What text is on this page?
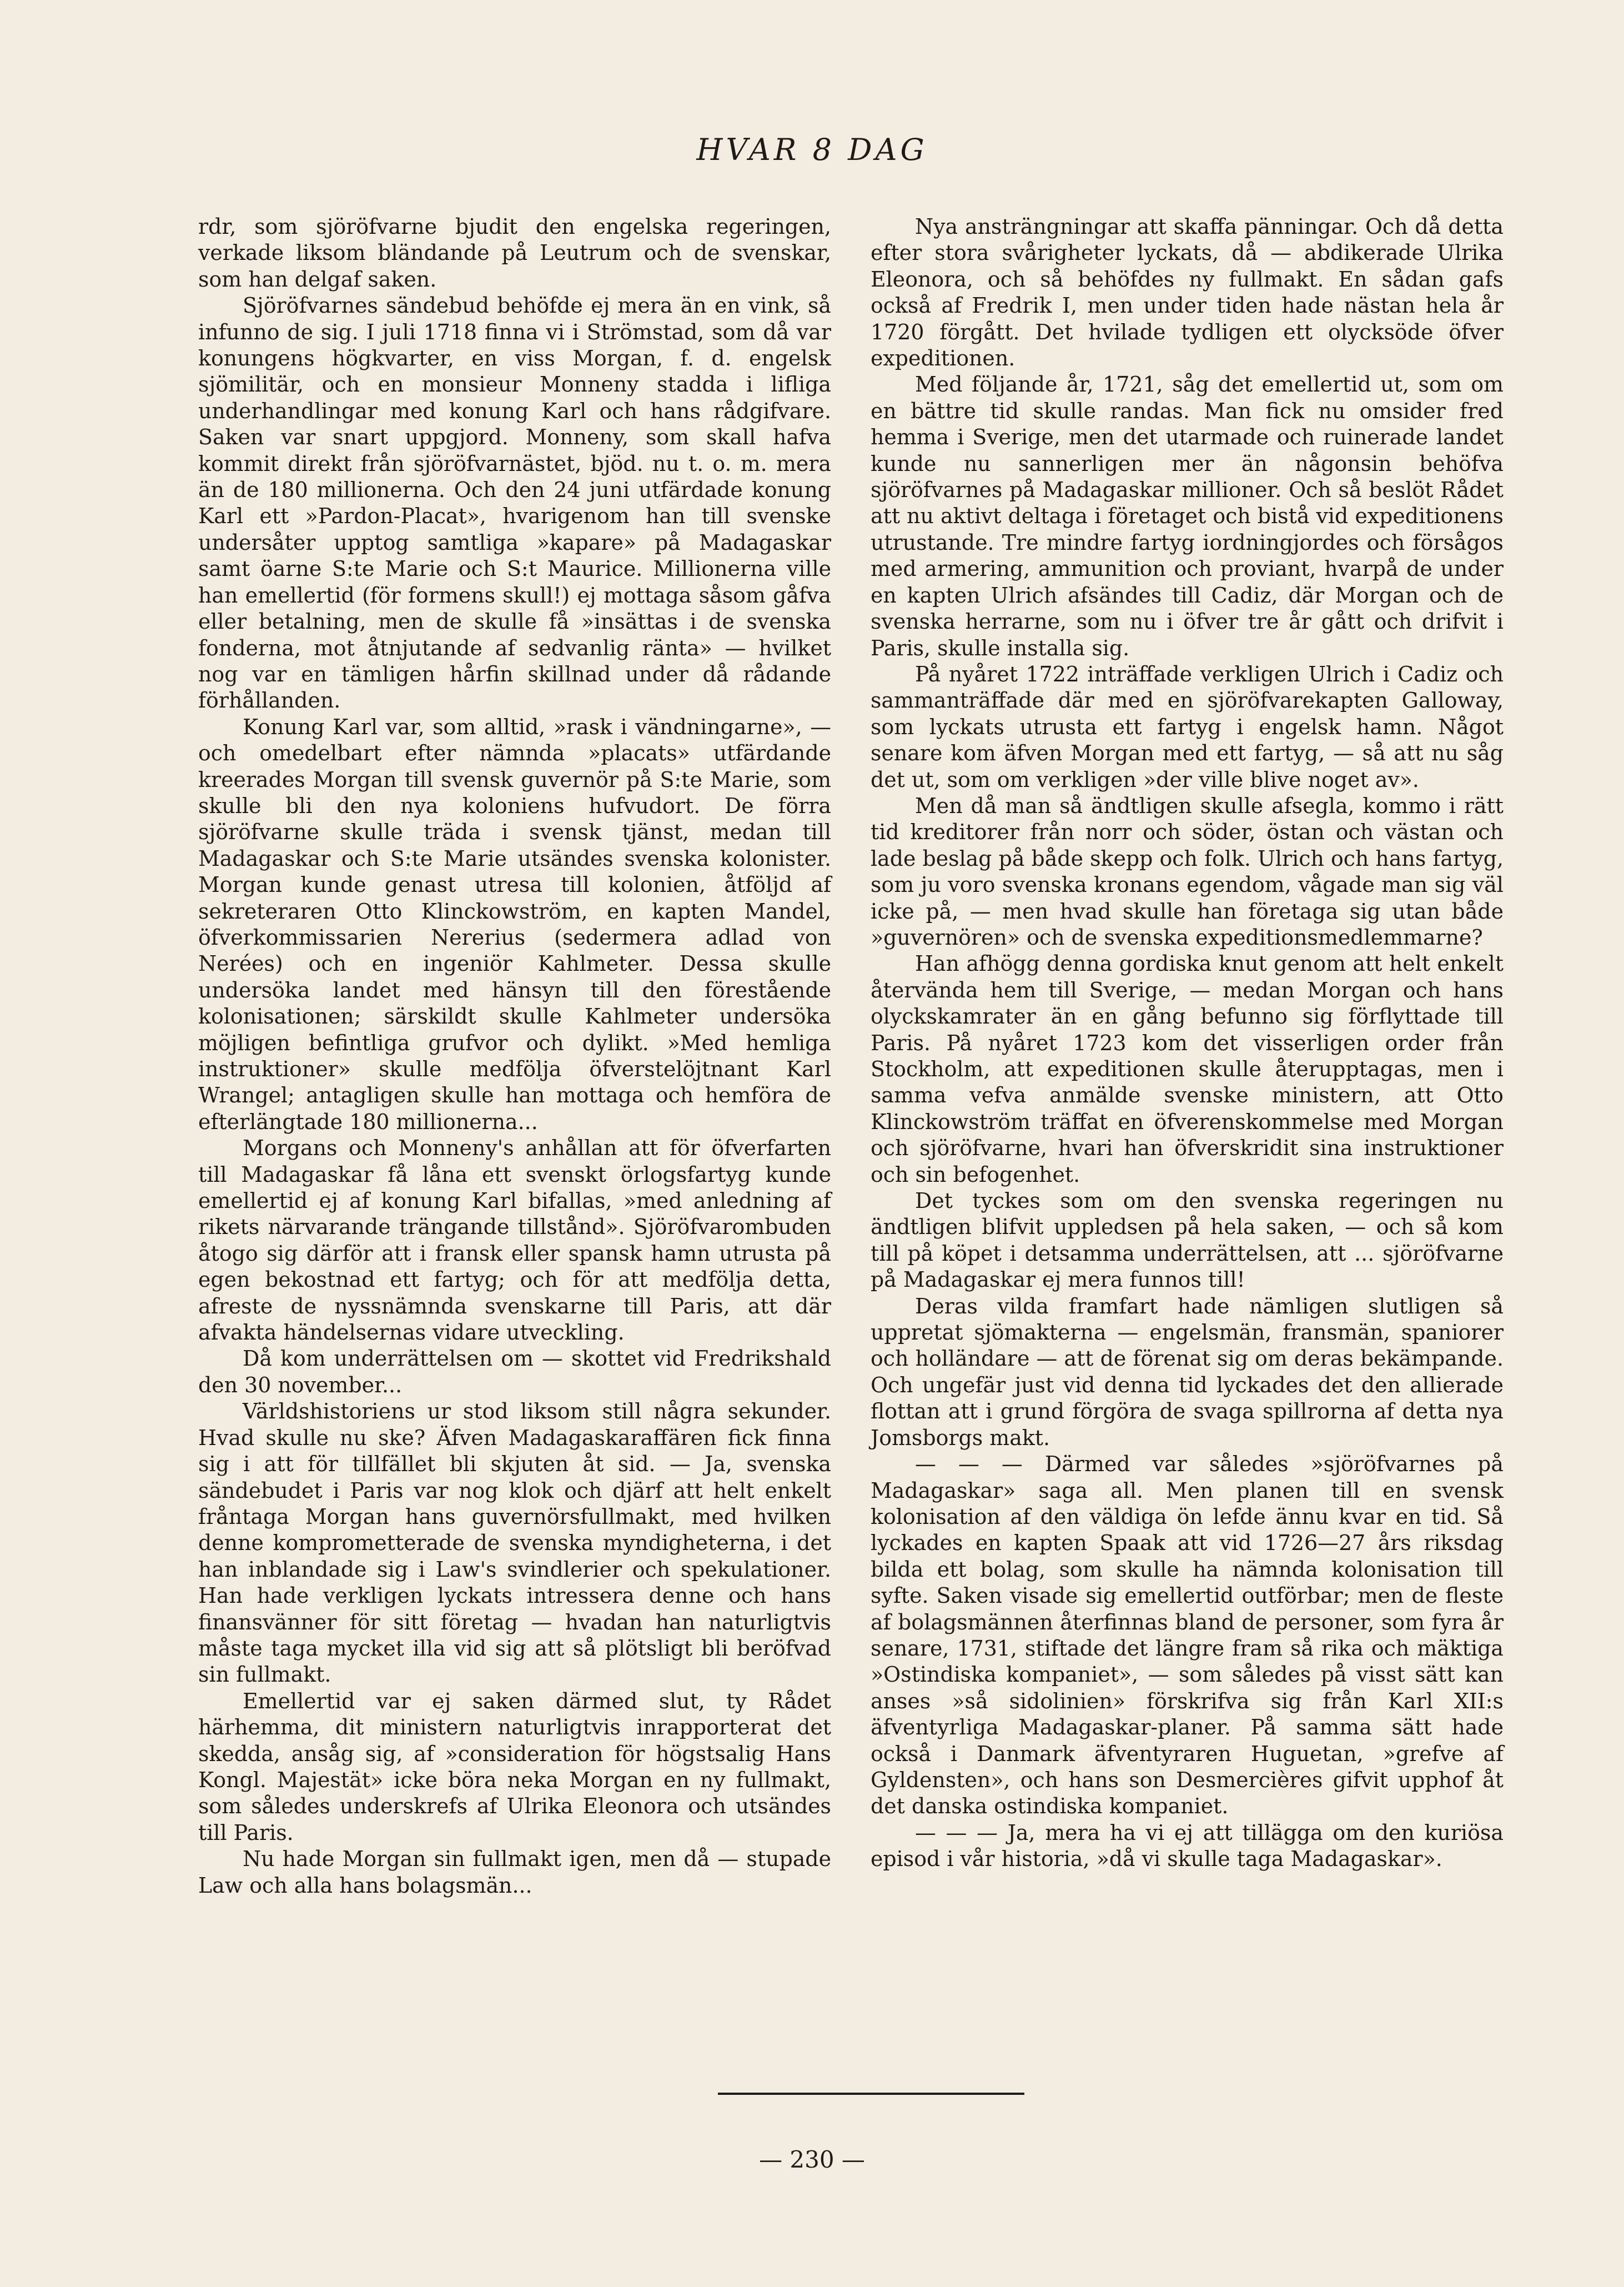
HVAR 8 DAG

rdr, som sjöröfvarne bjudit den engelska regeringen, verkade liksom bländande på Leutrum och de svenskar, som han delgaf saken.

Sjöröfvarnes sändebud behöfde ej mera än en vink, så infunno de sig. I juli 1718 finna vi i Strömstad, som då var konungens högkvarter, en viss Morgan, f. d. engelsk sjömilitär, och en monsieur Monneny stadda i lifliga underhandlingar med konung Karl och hans rådgifvare. Saken var snart uppgjord. Monneny, som skall hafva kommit direkt från sjöröfvarnästet, bjöd. nu t. o. m. mera än de 180 millionerna. Och den 24 juni utfärdade konung Karl ett »Pardon-Placat», hvarigenom han till svenske undersåter upptog samtliga »kapare» på Madagaskar samt öarne S:te Marie och S:t Maurice. Millionerna ville han emellertid (för formens skull!) ej mottaga såsom gåfva eller betalning, men de skulle få »insättas i de svenska fonderna, mot åtnjutande af sedvanlig ränta» — hvilket nog var en tämligen hårfin skillnad under då rådande förhållanden.

Konung Karl var, som alltid, »rask i vändningarne», — och omedelbart efter nämnda »placats» utfärdande kreerades Morgan till svensk guvernör på S:te Marie, som skulle bli den nya koloniens hufvudort. De förra sjöröfvarne skulle träda i svensk tjänst, medan till Madagaskar och S:te Marie utsändes svenska kolonister. Morgan kunde genast utresa till kolonien, åtföljd af sekreteraren Otto Klinckowström, en kapten Mandel, öfverkommissarien Nererius (sedermera adlad von Nerées) och en ingeniör Kahlmeter. Dessa skulle undersöka landet med hänsyn till den förestående kolonisationen; särskildt skulle Kahlmeter undersöka möjligen befintliga grufvor och dylikt. »Med hemliga instruktioner» skulle medfölja öfverstelöjtnant Karl Wrangel; antagligen skulle han mottaga och hemföra de efterlängtade 180 millionerna...

Morgans och Monneny's anhållan att för öfverfarten till Madagaskar få låna ett svenskt örlogsfartyg kunde emellertid ej af konung Karl bifallas, »med anledning af rikets närvarande trängande tillstånd». Sjöröfvarombuden åtogo sig därför att i fransk eller spansk hamn utrusta på egen bekostnad ett fartyg; och för att medfölja detta, afreste de nyssnämnda svenskarne till Paris, att där afvakta händelsernas vidare utveckling.

Då kom underrättelsen om — skottet vid Fredrikshald den 30 november...

Världshistoriens ur stod liksom still några sekunder. Hvad skulle nu ske? Äfven Madagaskaraffären fick finna sig i att för tillfället bli skjuten åt sid. — Ja, svenska sändebudet i Paris var nog klok och djärf att helt enkelt fråntaga Morgan hans guvernörsfullmakt, med hvilken denne komprometterade de svenska myndigheterna, i det han inblandade sig i Law's svindlerier och spekulationer. Han hade verkligen lyckats intressera denne och hans finansvänner för sitt företag — hvadan han naturligtvis måste taga mycket illa vid sig att så plötsligt bli beröfvad sin fullmakt.

Emellertid var ej saken därmed slut, ty Rådet härhemma, dit ministern naturligtvis inrapporterat det skedda, ansåg sig, af »consideration för högstsalig Hans Kongl. Majestät» icke böra neka Morgan en ny fullmakt, som således underskrefs af Ulrika Eleonora och utsändes till Paris.

Nu hade Morgan sin fullmakt igen, men då — stupade Law och alla hans bolagsmän...

Nya ansträngningar att skaffa pänningar. Och då detta efter stora svårigheter lyckats, då — abdikerade Ulrika Eleonora, och så behöfdes ny fullmakt. En sådan gafs också af Fredrik I, men under tiden hade nästan hela år 1720 förgått. Det hvilade tydligen ett olycksöde öfver expeditionen.

Med följande år, 1721, såg det emellertid ut, som om en bättre tid skulle randas. Man fick nu omsider fred hemma i Sverige, men det utarmade och ruinerade landet kunde nu sannerligen mer än någonsin behöfva sjöröfvarnes på Madagaskar millioner. Och så beslöt Rådet att nu aktivt deltaga i företaget och bistå vid expeditionens utrustande. Tre mindre fartyg iordningjordes och försågos med armering, ammunition och proviant, hvarpå de under en kapten Ulrich afsändes till Cadiz, där Morgan och de svenska herrarne, som nu i öfver tre år gått och drifvit i Paris, skulle installa sig.

På nyåret 1722 inträffade verkligen Ulrich i Cadiz och sammanträffade där med en sjöröfvarekapten Galloway, som lyckats utrusta ett fartyg i engelsk hamn. Något senare kom äfven Morgan med ett fartyg, — så att nu såg det ut, som om verkligen »der ville blive noget av».

Men då man så ändtligen skulle afsegla, kommo i rätt tid kreditorer från norr och söder, östan och västan och lade beslag på både skepp och folk. Ulrich och hans fartyg, som ju voro svenska kronans egendom, vågade man sig väl icke på, — men hvad skulle han företaga sig utan både »guvernören» och de svenska expeditionsmedlemmarne?

Han afhögg denna gordiska knut genom att helt enkelt återvända hem till Sverige, — medan Morgan och hans olyckskamrater än en gång befunno sig förflyttade till Paris. På nyåret 1723 kom det visserligen order från Stockholm, att expeditionen skulle återupptagas, men i samma vefva anmälde svenske ministern, att Otto Klinckowström träffat en öfverenskommelse med Morgan och sjöröfvarne, hvari han öfverskridit sina instruktioner och sin befogenhet.

Det tyckes som om den svenska regeringen nu ändtligen blifvit uppledsen på hela saken, — och så kom till på köpet i detsamma underrättelsen, att ... sjöröfvarne på Madagaskar ej mera funnos till!

Deras vilda framfart hade nämligen slutligen så uppretat sjömakterna — engelsmän, fransmän, spaniorer och holländare — att de förenat sig om deras bekämpande. Och ungefär just vid denna tid lyckades det den allierade flottan att i grund förgöra de svaga spillrorna af detta nya Jomsborgs makt.

— — — Därmed var således »sjöröfvarnes på Madagaskar» saga all. Men planen till en svensk kolonisation af den väldiga ön lefde ännu kvar en tid. Så lyckades en kapten Spaak att vid 1726—27 års riksdag bilda ett bolag, som skulle ha nämnda kolonisation till syfte. Saken visade sig emellertid outförbar; men de fleste af bolagsmännen återfinnas bland de personer, som fyra år senare, 1731, stiftade det längre fram så rika och mäktiga »Ostindiska kompaniet», — som således på visst sätt kan anses »så sidolinien» förskrifva sig från Karl XII:s äfventyrliga Madagaskar-planer. På samma sätt hade också i Danmark äfventyraren Huguetan, »grefve af Gyldensten», och hans son Desmercières gifvit upphof åt det danska ostindiska kompaniet.

— — — Ja, mera ha vi ej att tillägga om den kuriösa episod i vår historia, »då vi skulle taga Madagaskar».

— 230 —
